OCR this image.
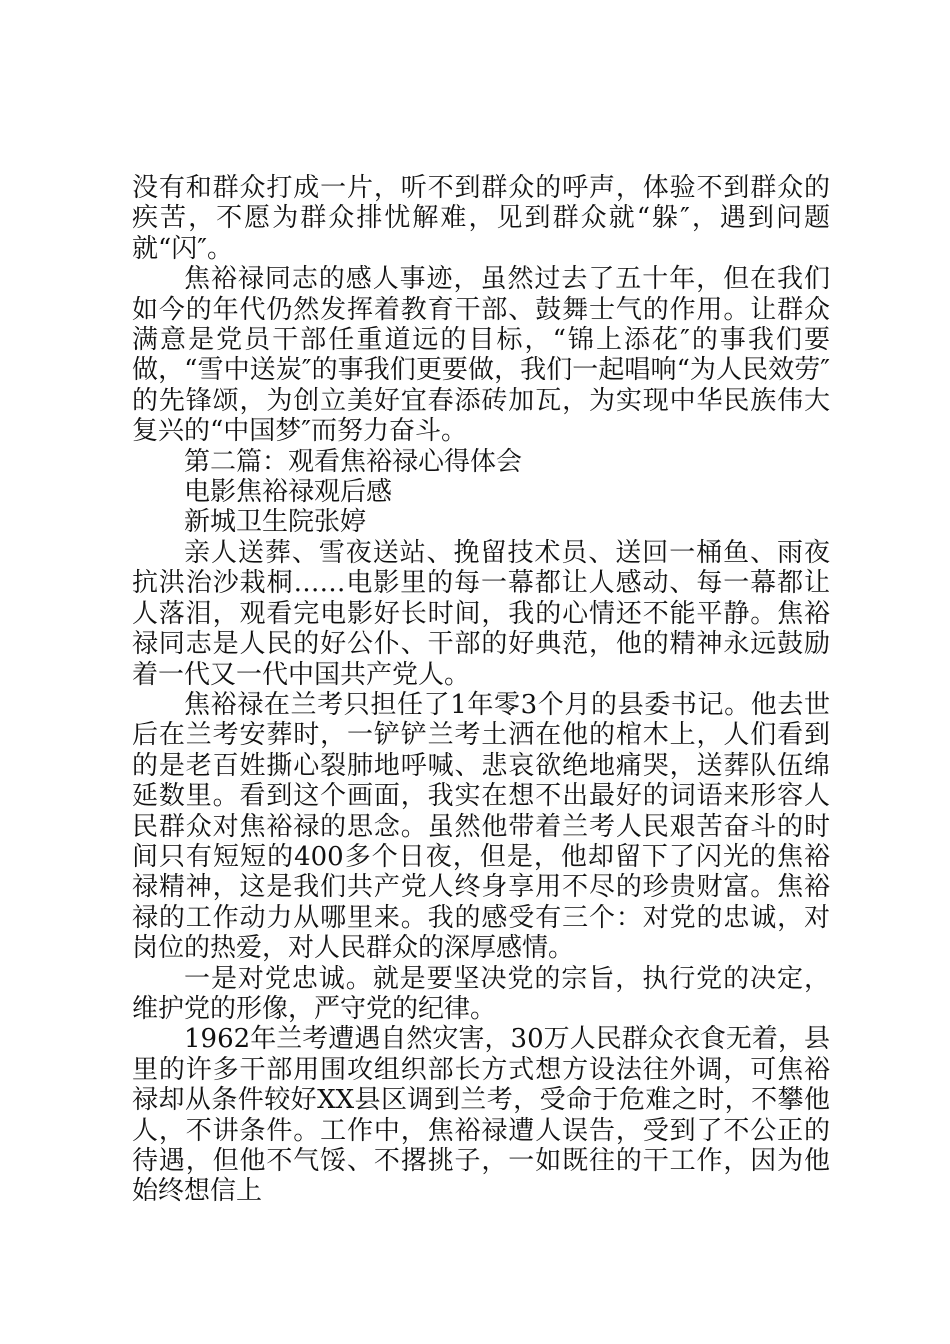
没有和群众打成一片，听不到群众的呼声，体验不到群众的疾苦，不愿为群众排忧解难，见到群众就“躲″，遇到问题就“闪″。

焦裕禄同志的感人事迹，虽然过去了五十年，但在我们如今的年代仍然发挥着教育干部、鼓舞士气的作用。让群众满意是党员干部任重道远的目标，“锦上添花″的事我们要做，“雪中送炭″的事我们更要做，我们一起唱响“为人民效劳″的先锋颂，为创立美好宜春添砖加瓦，为实现中华民族伟大复兴的“中国梦″而努力奋斗。

第二篇：观看焦裕禄心得体会

电影焦裕禄观后感

新城卫生院张婷

亲人送葬、雪夜送站、挽留技术员、送回一桶鱼、雨夜抗洪治沙栽桐……电影里的每一幕都让人感动、每一幕都让人落泪，观看完电影好长时间，我的心情还不能平静。焦裕禄同志是人民的好公仆、干部的好典范，他的精神永远鼓励着一代又一代中国共产党人。

焦裕禄在兰考只担任了1年零3个月的县委书记。他去世后在兰考安葬时，一铲铲兰考土洒在他的棺木上，人们看到的是老百姓撕心裂肺地呼喊、悲哀欲绝地痛哭，送葬队伍绵延数里。看到这个画面，我实在想不出最好的词语来形容人民群众对焦裕禄的思念。虽然他带着兰考人民艰苦奋斗的时间只有短短的400多个日夜，但是，他却留下了闪光的焦裕禄精神，这是我们共产党人终身享用不尽的珍贵财富。焦裕禄的工作动力从哪里来。我的感受有三个：对党的忠诚，对岗位的热爱，对人民群众的深厚感情。

一是对党忠诚。就是要坚决党的宗旨，执行党的决定，维护党的形像，严守党的纪律。

1962年兰考遭遇自然灾害，30万人民群众衣食无着，县里的许多干部用围攻组织部长方式想方设法往外调，可焦裕禄却从条件较好XX县区调到兰考，受命于危难之时，不攀他人，不讲条件。工作中，焦裕禄遭人误告，受到了不公正的待遇，但他不气馁、不撂挑子，一如既往的干工作，因为他始终想信上
